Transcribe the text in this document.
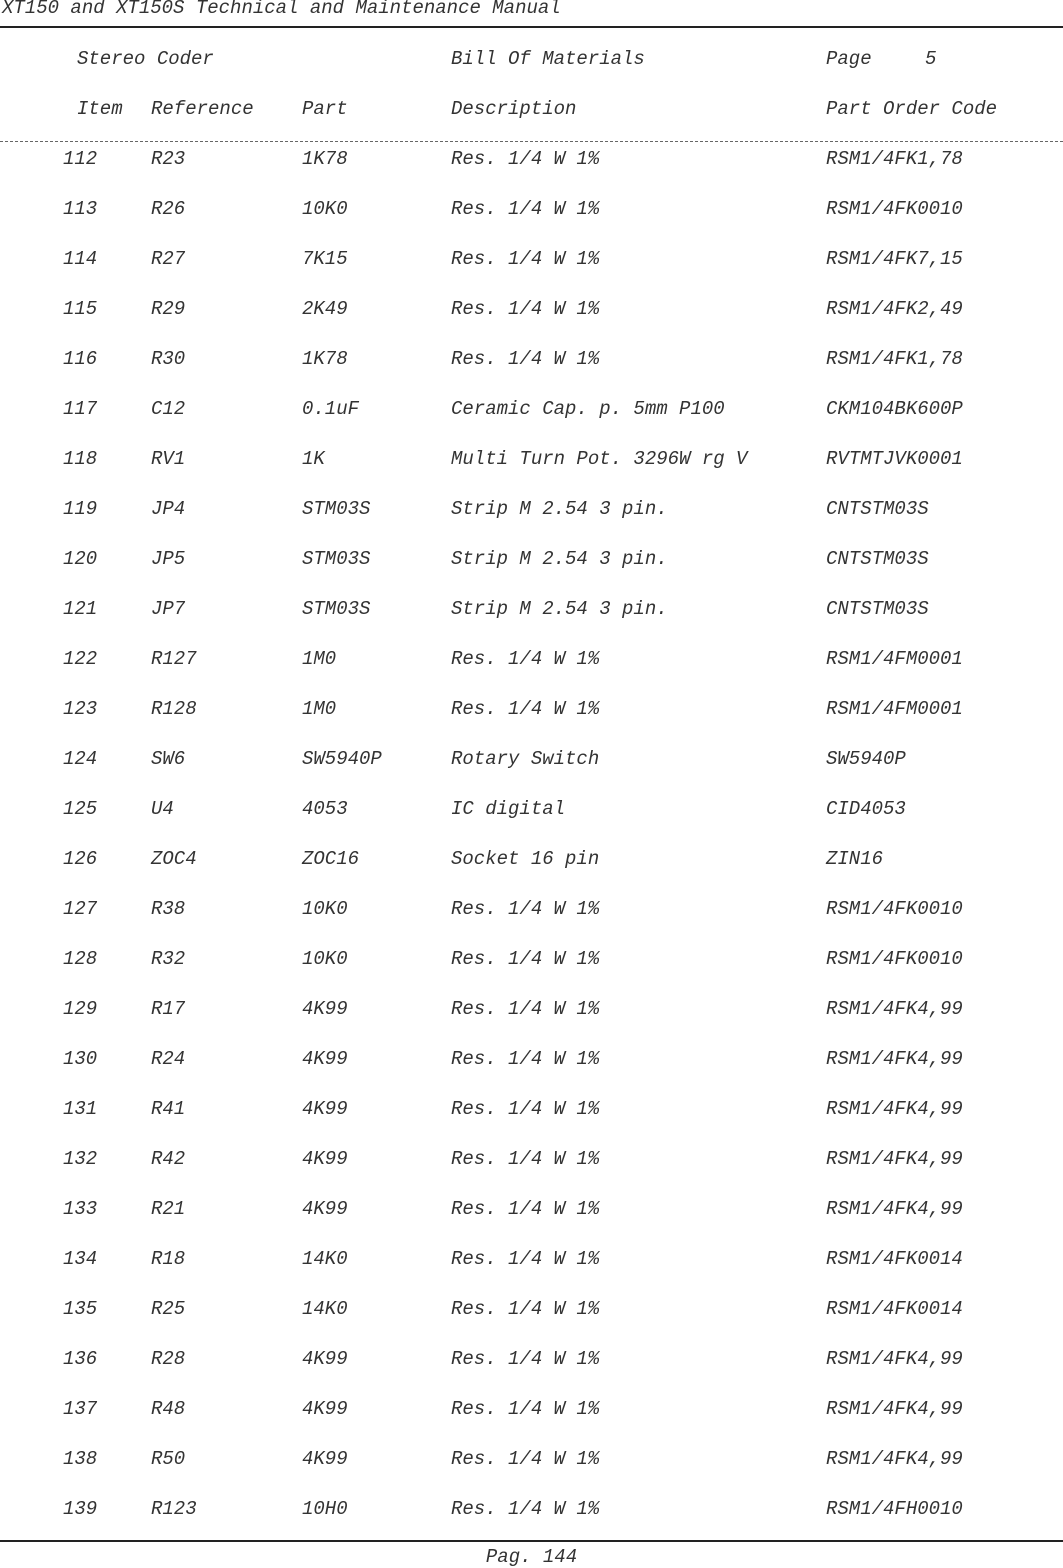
XT150 and XT150S Technical and Maintenance Manual
Stereo Coder	Bill Of Materials	Page	5
Item Reference	Part	Description	Part Order Code
112	R23	1K78	Res. 1/4 W 1%	RSM1/4FK1,78
113	R26	10K0	Res. 1/4 W 1%	RSM1/4FK0010
114	R27	7K15	Res. 1/4 W 1%	RSM1/4FK7,15
115	R29	2K49	Res. 1/4 W 1%	RSM1/4FK2,49
116	R30	1K78	Res. 1/4 W 1%	RSM1/4FK1,78
117	C12	0.1uF	Ceramic Cap. p. 5mm P100	CKM104BK600P
118	RV1	1K	Multi Turn Pot. 3296W rg V	RVTMTJVK0001
119	JP4	STM03S	Strip M 2.54 3 pin.	CNTSTM03S
120	JP5	STM03S	Strip M 2.54 3 pin.	CNTSTM03S
121	JP7	STM03S	Strip M 2.54 3 pin.	CNTSTM03S
122	R127	1M0	Res. 1/4 W 1%	RSM1/4FM0001
123	R128	1M0	Res. 1/4 W 1%	RSM1/4FM0001
124	SW6	SW5940P	Rotary Switch	SW5940P
125	U4	4053	IC digital	CID4053
126	ZOC4	ZOC16	Socket 16 pin	ZIN16
127	R38	10K0	Res. 1/4 W 1%	RSM1/4FK0010
128	R32	10K0	Res. 1/4 W 1%	RSM1/4FK0010
129	R17	4K99	Res. 1/4 W 1%	RSM1/4FK4,99
130	R24	4K99	Res. 1/4 W 1%	RSM1/4FK4,99
131	R41	4K99	Res. 1/4 W 1%	RSM1/4FK4,99
132	R42	4K99	Res. 1/4 W 1%	RSM1/4FK4,99
133	R21	4K99	Res. 1/4 W 1%	RSM1/4FK4,99
134	R18	14K0	Res. 1/4 W 1%	RSM1/4FK0014
135	R25	14K0	Res. 1/4 W 1%	RSM1/4FK0014
136	R28	4K99	Res. 1/4 W 1%	RSM1/4FK4,99
137	R48	4K99	Res. 1/4 W 1%	RSM1/4FK4,99
138	R50	4K99	Res. 1/4 W 1%	RSM1/4FK4,99
139	R123	10H0	Res. 1/4 W 1%	RSM1/4FH0010
Pag. 144
